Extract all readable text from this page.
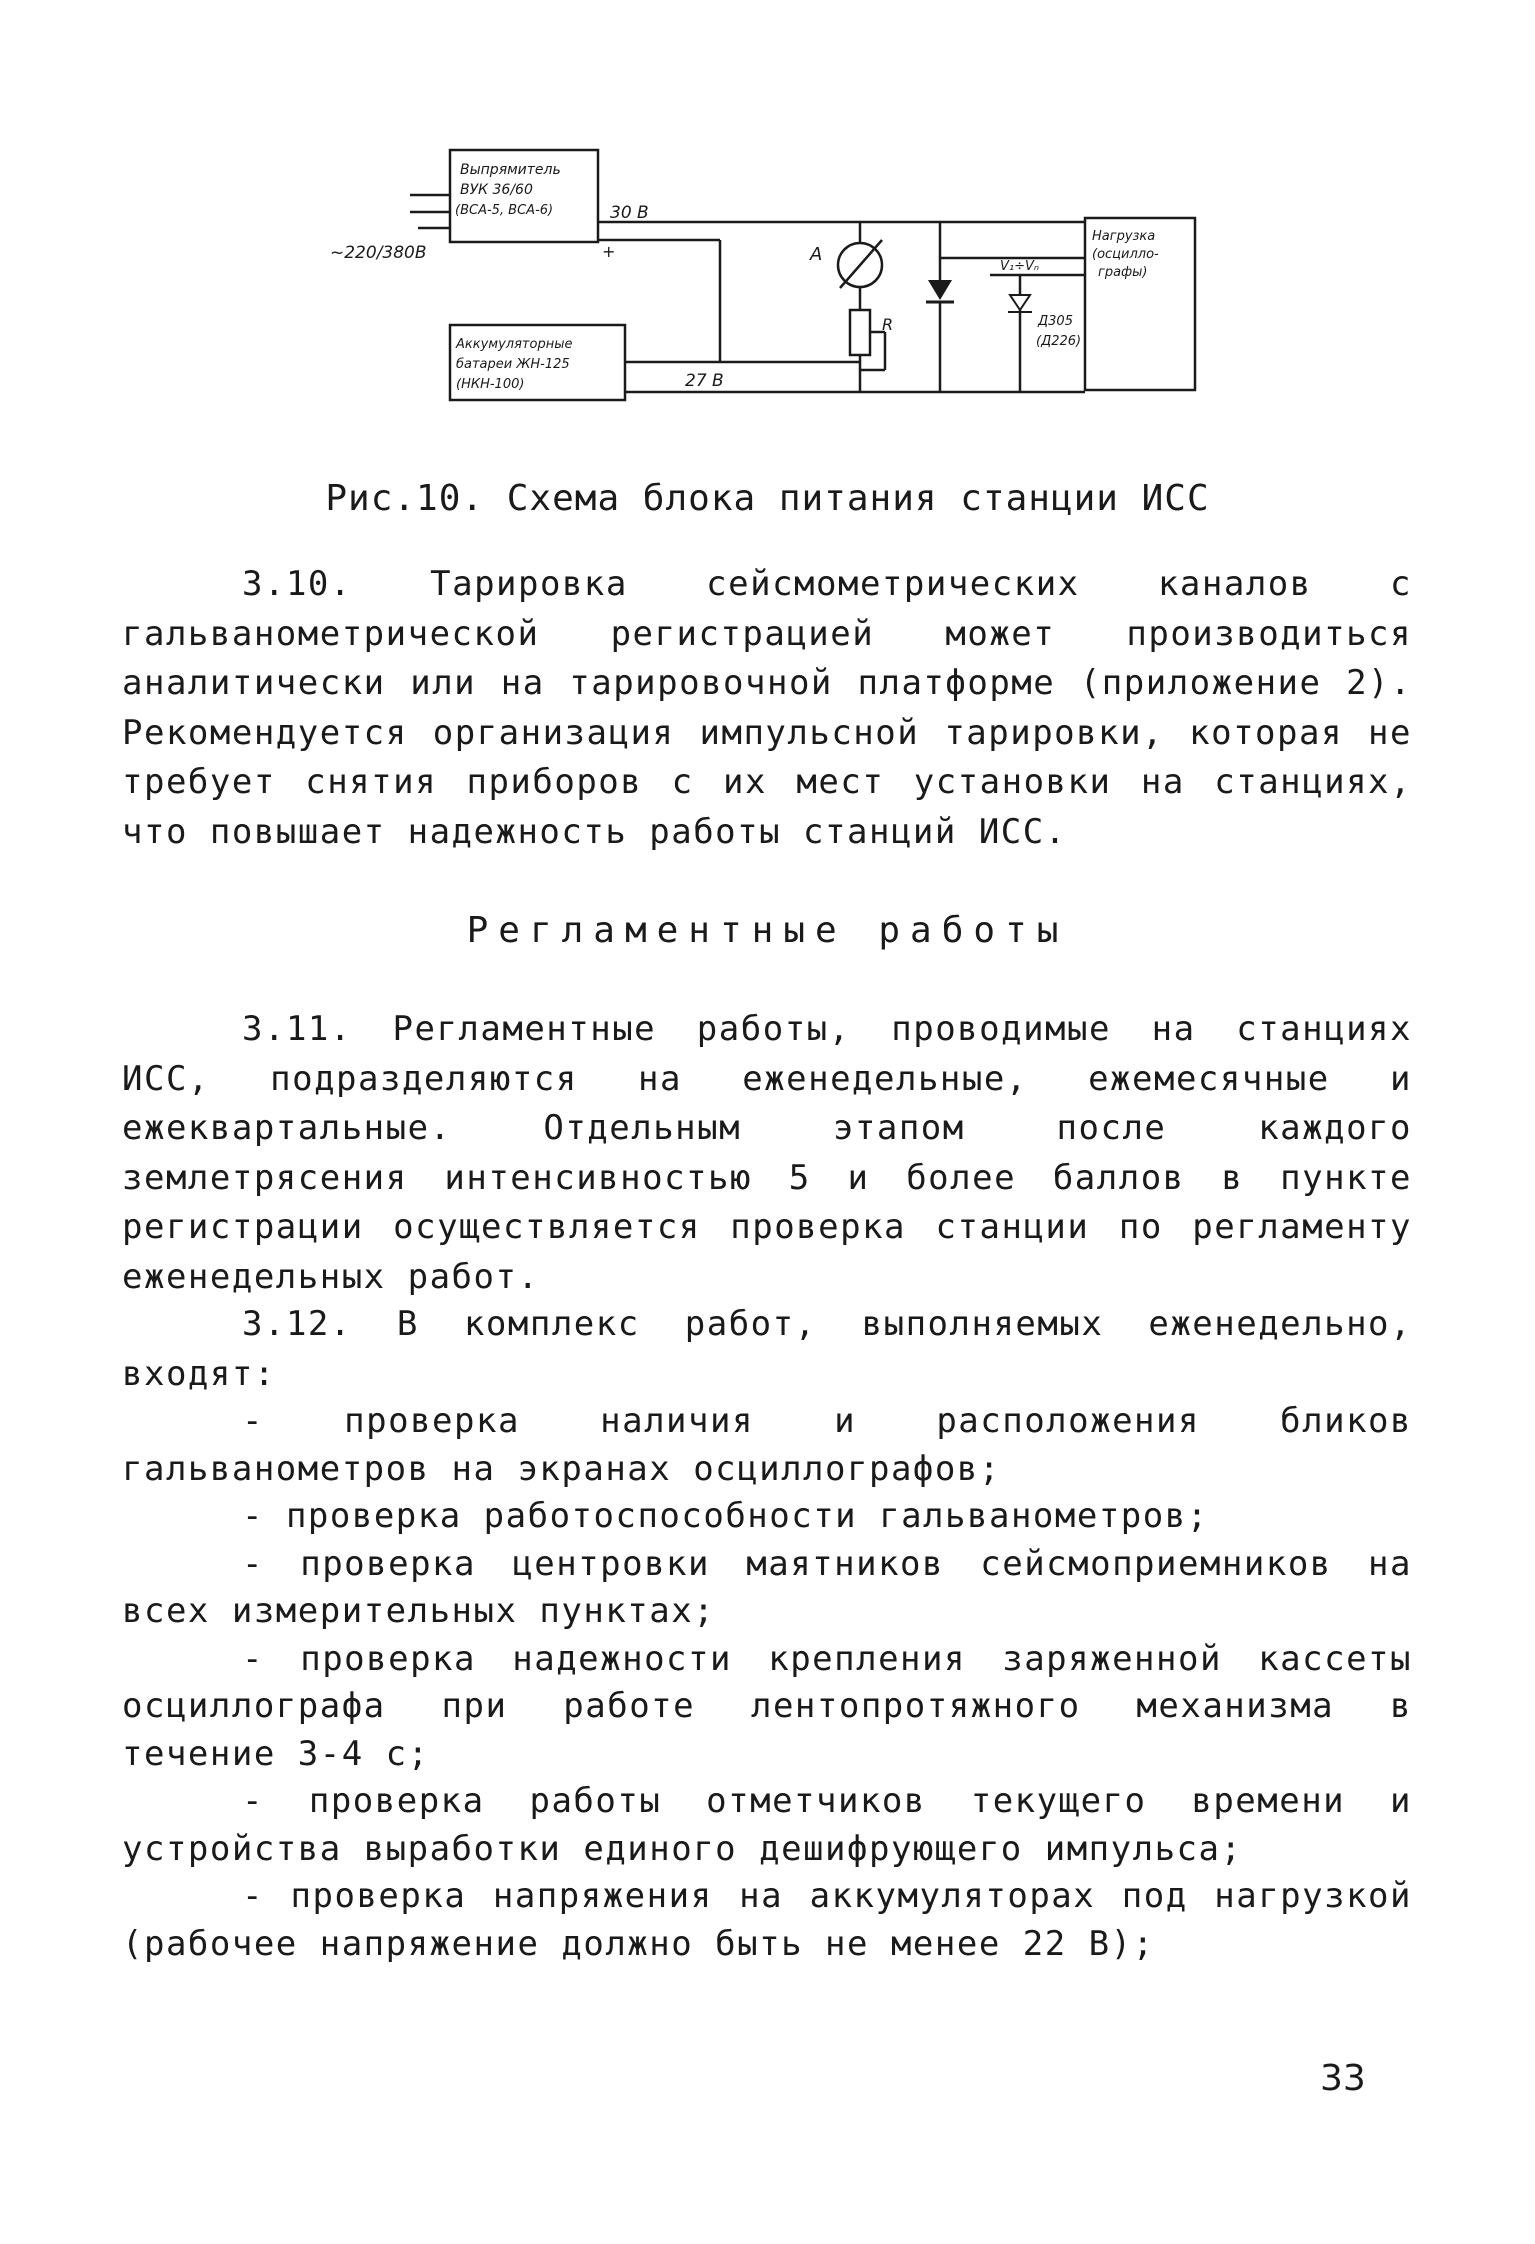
Выпрямитель
ВУК 36/60
(ВСА-5, ВСА-6)
~220/380В
30 В
+
Аккумуляторные
батареи ЖН-125
(НКН-100)	27 В
А
R
V₁÷Vₙ
Д305
(Д226)
Нагрузка
(осцилло-
графы)
Рис.10. Схема блока питания станции ИСС

3.10. Тарировка сейсмометрических каналов с гальванометрической регистрацией может производиться аналитически или на тарировочной платформе (приложение 2). Рекомендуется организация импульсной тарировки, которая не требует снятия приборов с их мест установки на станциях, что повышает надежность работы станций ИСС.

Регламентные работы

3.11. Регламентные работы, проводимые на станциях ИСС, подразделяются на еженедельные, ежемесячные и ежеквартальные. Отдельным этапом после каждого землетрясения интенсивностью 5 и более баллов в пункте регистрации осуществляется проверка станции по регламенту еженедельных работ.

3.12. В комплекс работ, выполняемых еженедельно, входят:

- проверка наличия и расположения бликов гальванометров на экранах осциллографов;
- проверка работоспособности гальванометров;
- проверка центровки маятников сейсмоприемников на всех измерительных пунктах;
- проверка надежности крепления заряженной кассеты осциллографа при работе лентопротяжного механизма в течение 3-4 с;
- проверка работы отметчиков текущего времени и устройства выработки единого дешифрующего импульса;
- проверка напряжения на аккумуляторах под нагрузкой (рабочее напряжение должно быть не менее 22 В);
33
